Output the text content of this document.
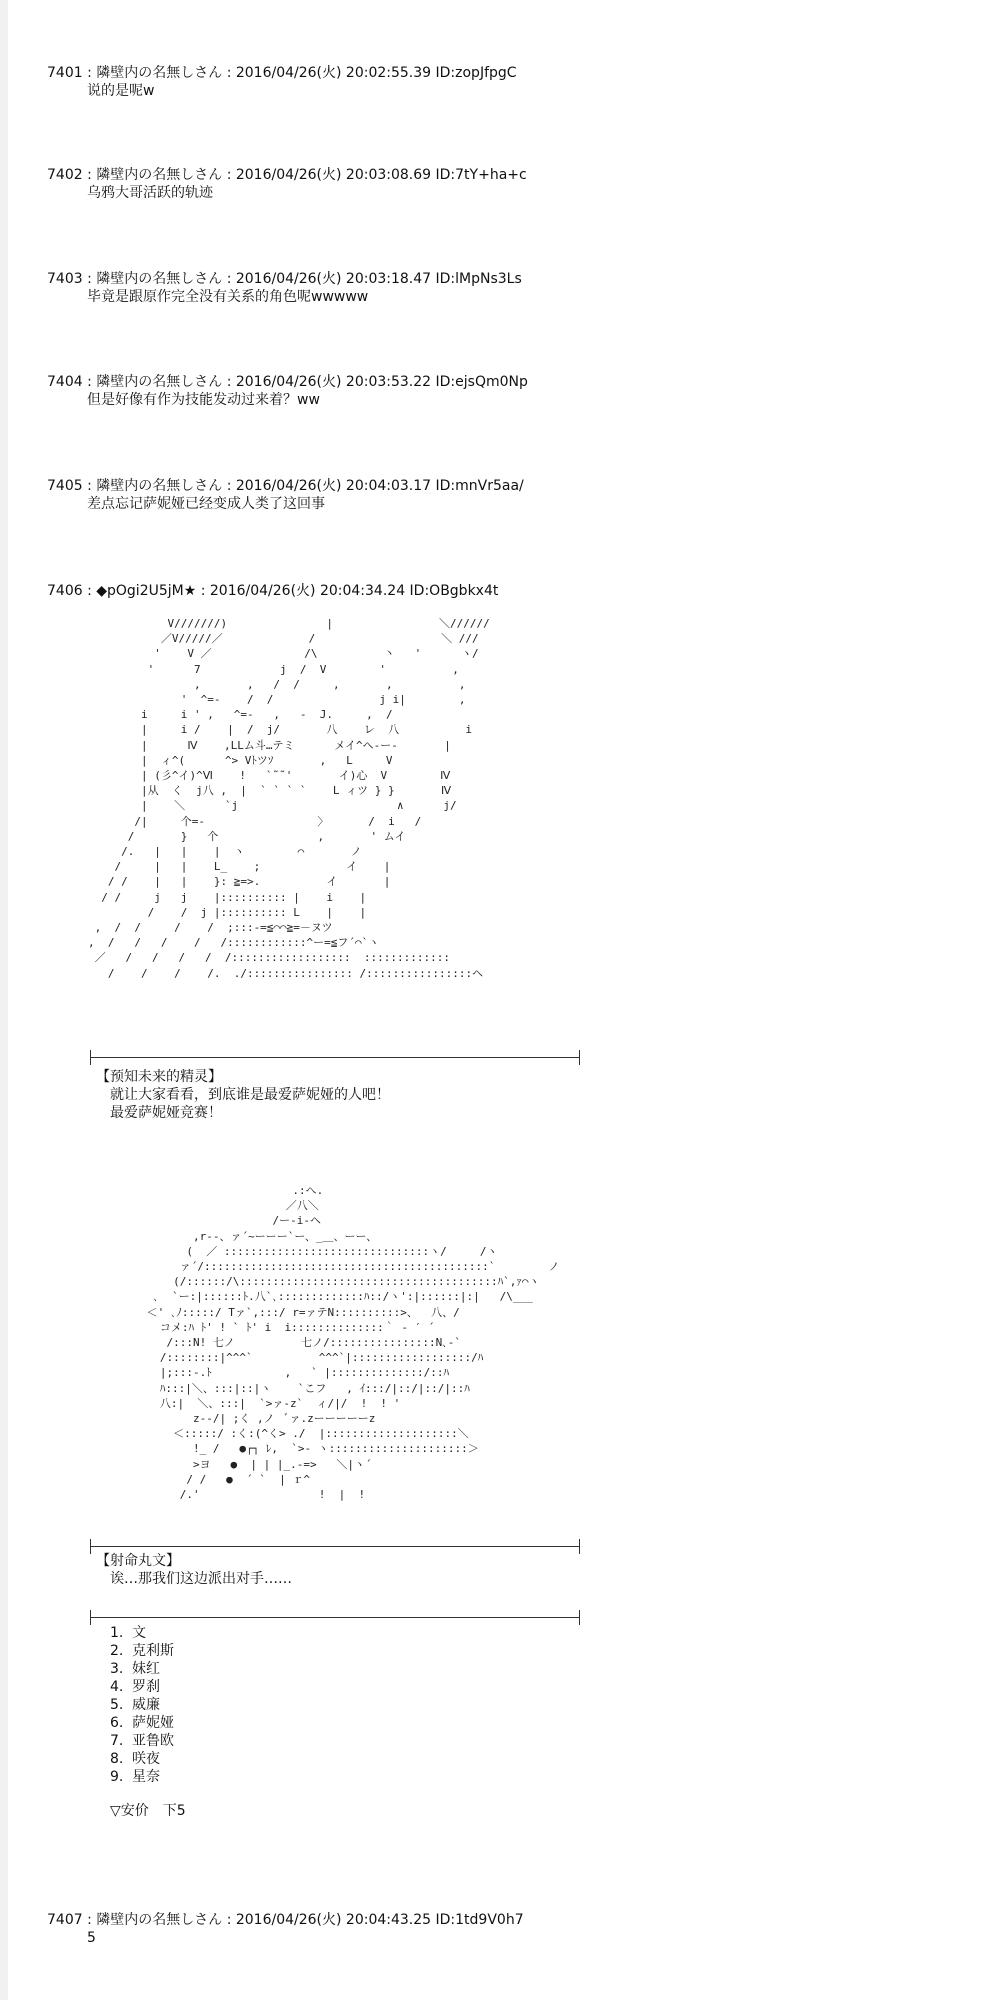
7401 : 隣壁内の名無しさん : 2016/04/26(火) 20:02:55.39 ID:zopJfpgC
说的是呢w
7402 : 隣壁内の名無しさん : 2016/04/26(火) 20:03:08.69 ID:7tY+ha+c
乌鸦大哥活跃的轨迹
7403 : 隣壁内の名無しさん : 2016/04/26(火) 20:03:18.47 ID:lMpNs3Ls
毕竟是跟原作完全没有关系的角色呢wwwww
7404 : 隣壁内の名無しさん : 2016/04/26(火) 20:03:53.22 ID:ejsQm0Np
但是好像有作为技能发动过来着？ww
7405 : 隣壁内の名無しさん : 2016/04/26(火) 20:04:03.17 ID:mnVr5aa/
差点忘记萨妮娅已经变成人类了这回事
7406 : ◆pOgi2U5jM★ : 2016/04/26(火) 20:04:34.24 ID:OBgbkx4t
V///////)               |                ＼//////
／V/////／             /                   ＼ ///
'    V ／              /\          丶   '      ヽ/
'      7            j  /  V        '          ,
,       ,   /  /     ,       ,          ,
'  ^=-    /  /                j i|        ,
i     i ' ,   ^=-   ,   -  J.     ,  /
|     i /    |  /  j/       八    レ  八          i
|      Ⅳ    ,LLム斗…テミ      メイ^ヘ-ー-       |
|  ィ^(      ^> Vﾄツｿ       ,   L     V
| (彡^イ)^Ⅵ    !   `˜˜'       イ)心  V        Ⅳ
|从  く  j八 ,  |  ` ` ` `    L ィツ } }       Ⅳ
|    ＼      `j                        ∧      j/
/|     个=-                 〉      /  i   /
/       }   个               ,       ' ムイ
/.   |   |    |  ヽ        ⌒       ノ
/     |   |    L_    ;             イ    |
/ /    |   |    }: ≧=>.          イ       |
/ /     j   j    |:::::::::: |    i    |
/    /  j |:::::::::: L    |    |
,  /  /     /    /  ;:::-=≦⌒⌒≧=－ヌツ
,  /   /   /    /   /::::::::::::^ー=≦フ´⌒`ヽ
／   /   /   /   /  /::::::::::::::::::  :::::::::::::
/    /    /    /.  ./:::::::::::::::: /::::::::::::::::ヘ
【预知未来的精灵】
就让大家看看，到底谁是最爱萨妮娅的人吧！
最爱萨妮娅竞赛！
.:へ.
／八＼
/ー-i-ヘ
,r--、ァ´~ーーー`ー、_＿、ーー、
(  ／ :::::::::::::::::::::::::::::::ヽ/     /ヽ
ァ´/:::::::::::::::::::::::::::::::::::::::::::`        ノ
(/::::::/\:::::::::::::::::::::::::::::::::::::::ﾊ`,ｧ⌒ヽ
､  `ー:|::::::ﾄ.八`､:::::::::::::ﾊ::/ヽ':|::::::|:|   /\___
＜' ､ﾉ:::::/ Tァ`,:::/ r=ァテN::::::::::>、  八、/
コメ:ﾊ ﾄ' ! ` ﾄ' i  i::::::::::::::｀ - ′ ´
/:::N! 七ノ          七ノ/::::::::::::::::N､-`
/::::::::|^^^`          ^^^`|::::::::::::::::::/ﾊ
|;:::-.ﾄ           ,   ` |::::::::::::::/::ﾊ
ﾊ:::|＼、:::|::|ヽ    `こフ   , ｲ:::/|::/|::/|::ﾊ
八:|  ＼、:::|  `>ァ-z`  ィ/|/  !  ! '
z--/| ;く ,ノ  ﾞァ.zーーーーーz
＜:::::/ :く:(^く> ./  |::::::::::::::::::::＼
!_ /   ●┌┐ ﾚ,  `>- ヽ:::::::::::::::::::::＞
>ヨ   ●  | | |_.-=>   ＼|ヽ´
/ /   ●  ´ `  | ｒ^
/.'                  !  |  !
【射命丸文】
诶…那我们这边派出对手……
1. 文
2. 克利斯
3. 妹红
4. 罗刹
5. 威廉
6. 萨妮娅
7. 亚鲁欧
8. 咲夜
9. 星奈
▽安价　下5
7407 : 隣壁内の名無しさん : 2016/04/26(火) 20:04:43.25 ID:1td9V0h7
5
